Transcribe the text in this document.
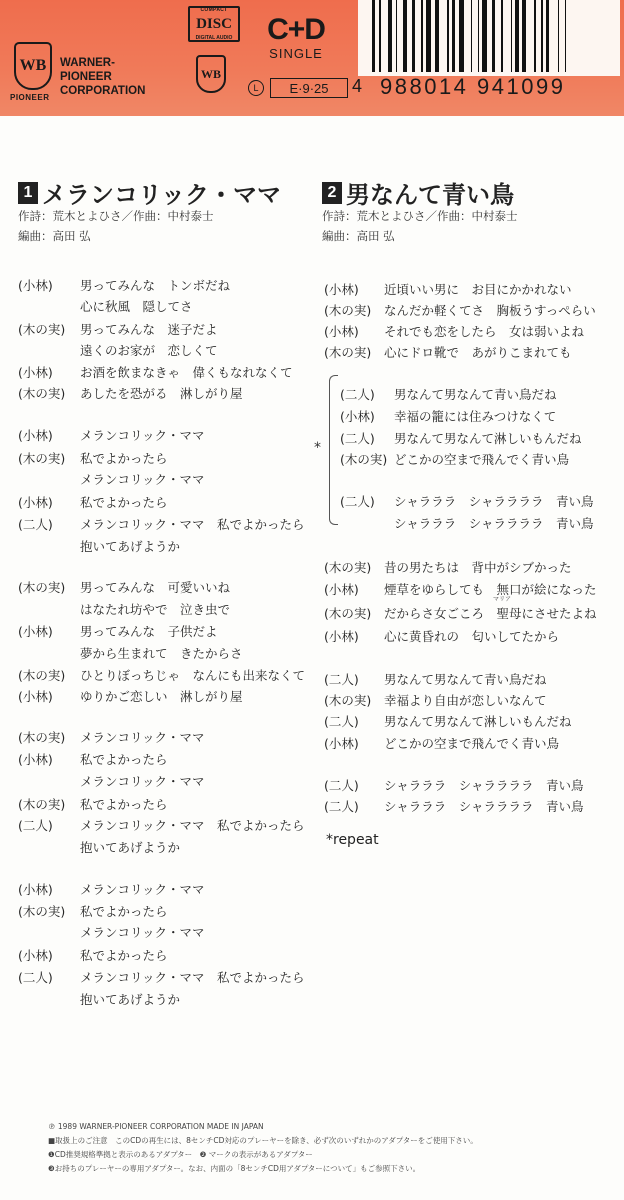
WB
PIONEER
WARNER-
PIONEER
CORPORATION
COMPACT
DISC
DIGITAL AUDIO
WB
C+D
SINGLE
L	E·9·25	4 988014 941099
1 メランコリック・ママ
作詩：荒木とよひさ／作曲：中村泰士
編曲：高田 弘
(小林) 男ってみんな　トンボだね
心に秋風　隠してさ
(木の実) 男ってみんな　迷子だよ
遠くのお家が　恋しくて
(小林) お酒を飲まなきゃ　偉くもなれなくて
(木の実) あしたを恐がる　淋しがり屋
(小林) メランコリック・ママ
(木の実) 私でよかったら
メランコリック・ママ
(小林) 私でよかったら
(二人) メランコリック・ママ　私でよかったら
抱いてあげようか
(木の実) 男ってみんな　可愛いいね
はなたれ坊やで　泣き虫で
(小林) 男ってみんな　子供だよ
夢から生まれて　きたからさ
(木の実) ひとりぼっちじゃ　なんにも出来なくて
(小林) ゆりかご恋しい　淋しがり屋
(木の実) メランコリック・ママ
(小林) 私でよかったら
メランコリック・ママ
(木の実) 私でよかったら
(二人) メランコリック・ママ　私でよかったら
抱いてあげようか
(小林) メランコリック・ママ
(木の実) 私でよかったら
メランコリック・ママ
(小林) 私でよかったら
(二人) メランコリック・ママ　私でよかったら
抱いてあげようか
2 男なんて青い鳥
作詩：荒木とよひさ／作曲：中村泰士
編曲：高田 弘
*
マリア
(小林) 近頃いい男に　お目にかかれない
(木の実) なんだか軽くてさ　胸板うすっぺらい
(小林) それでも恋をしたら　女は弱いよね
(木の実) 心にドロ靴で　あがりこまれても
(二人) 男なんて男なんて青い鳥だね
(小林) 幸福の籠には住みつけなくて
(二人) 男なんて男なんて淋しいもんだね
(木の実) どこかの空まで飛んでく青い鳥
(二人) シャラララ　シャララララ　青い鳥
シャラララ　シャララララ　青い鳥
(木の実) 昔の男たちは　背中がシブかった
(小林) 煙草をゆらしても　無口が絵になった
(木の実) だからさ女ごころ　聖母にさせたよね
(小林) 心に黄昏れの　匂いしてたから
(二人) 男なんて男なんて青い鳥だね
(木の実) 幸福より自由が恋しいなんて
(二人) 男なんて男なんて淋しいもんだね
(小林) どこかの空まで飛んでく青い鳥
(二人) シャラララ　シャララララ　青い鳥
(二人) シャラララ　シャララララ　青い鳥
*repeat
℗ 1989 WARNER-PIONEER CORPORATION MADE IN JAPAN
■取扱上のご注意　このCDの再生には、8センチCD対応のプレーヤーを除き、必ず次のいずれかのアダプターをご使用下さい。
❶CD推奨規格準拠と表示のあるアダプター　❷ マークの表示があるアダプター
❸お持ちのプレーヤーの専用アダプター。なお、内面の「8センチCD用アダプターについて」もご参照下さい。
